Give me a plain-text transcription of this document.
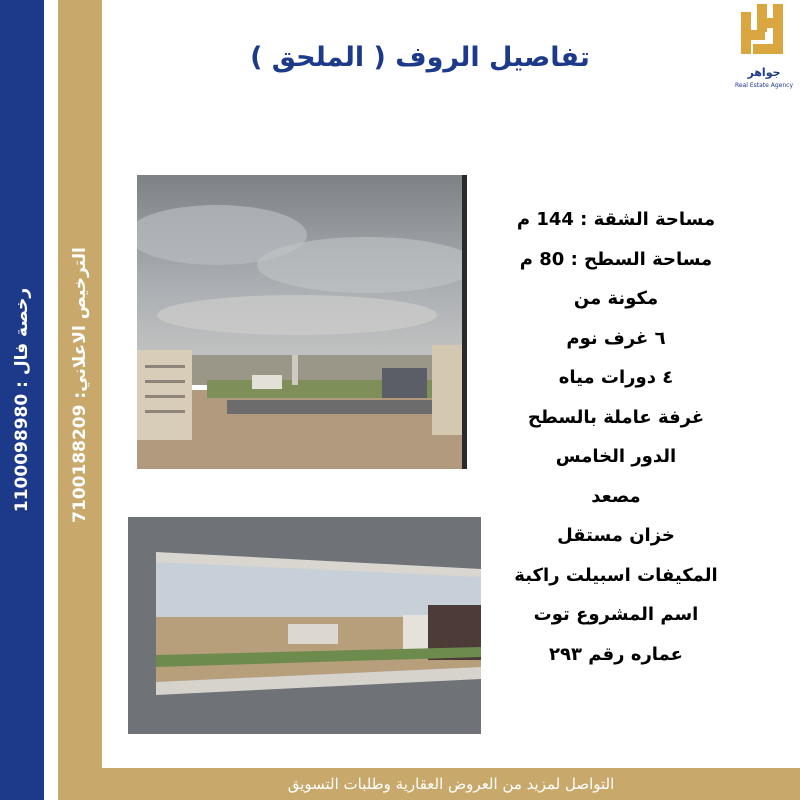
رخصة فال : 1100098980
الترخيص الاعلاني: 7100188209
تفاصيل الروف ( الملحق )	جواهر
Real Estate Agency
مساحة الشقة : 144 م
مساحة السطح : 80 م
مكونة من
٦ غرف نوم
٤ دورات مياه
غرفة عاملة بالسطح
الدور الخامس
مصعد
خزان مستقل
المكيفات اسبيلت راكبة
اسم المشروع توت
عماره رقم ٢٩٣
التواصل لمزيد من العروض العقارية وطلبات التسويق
